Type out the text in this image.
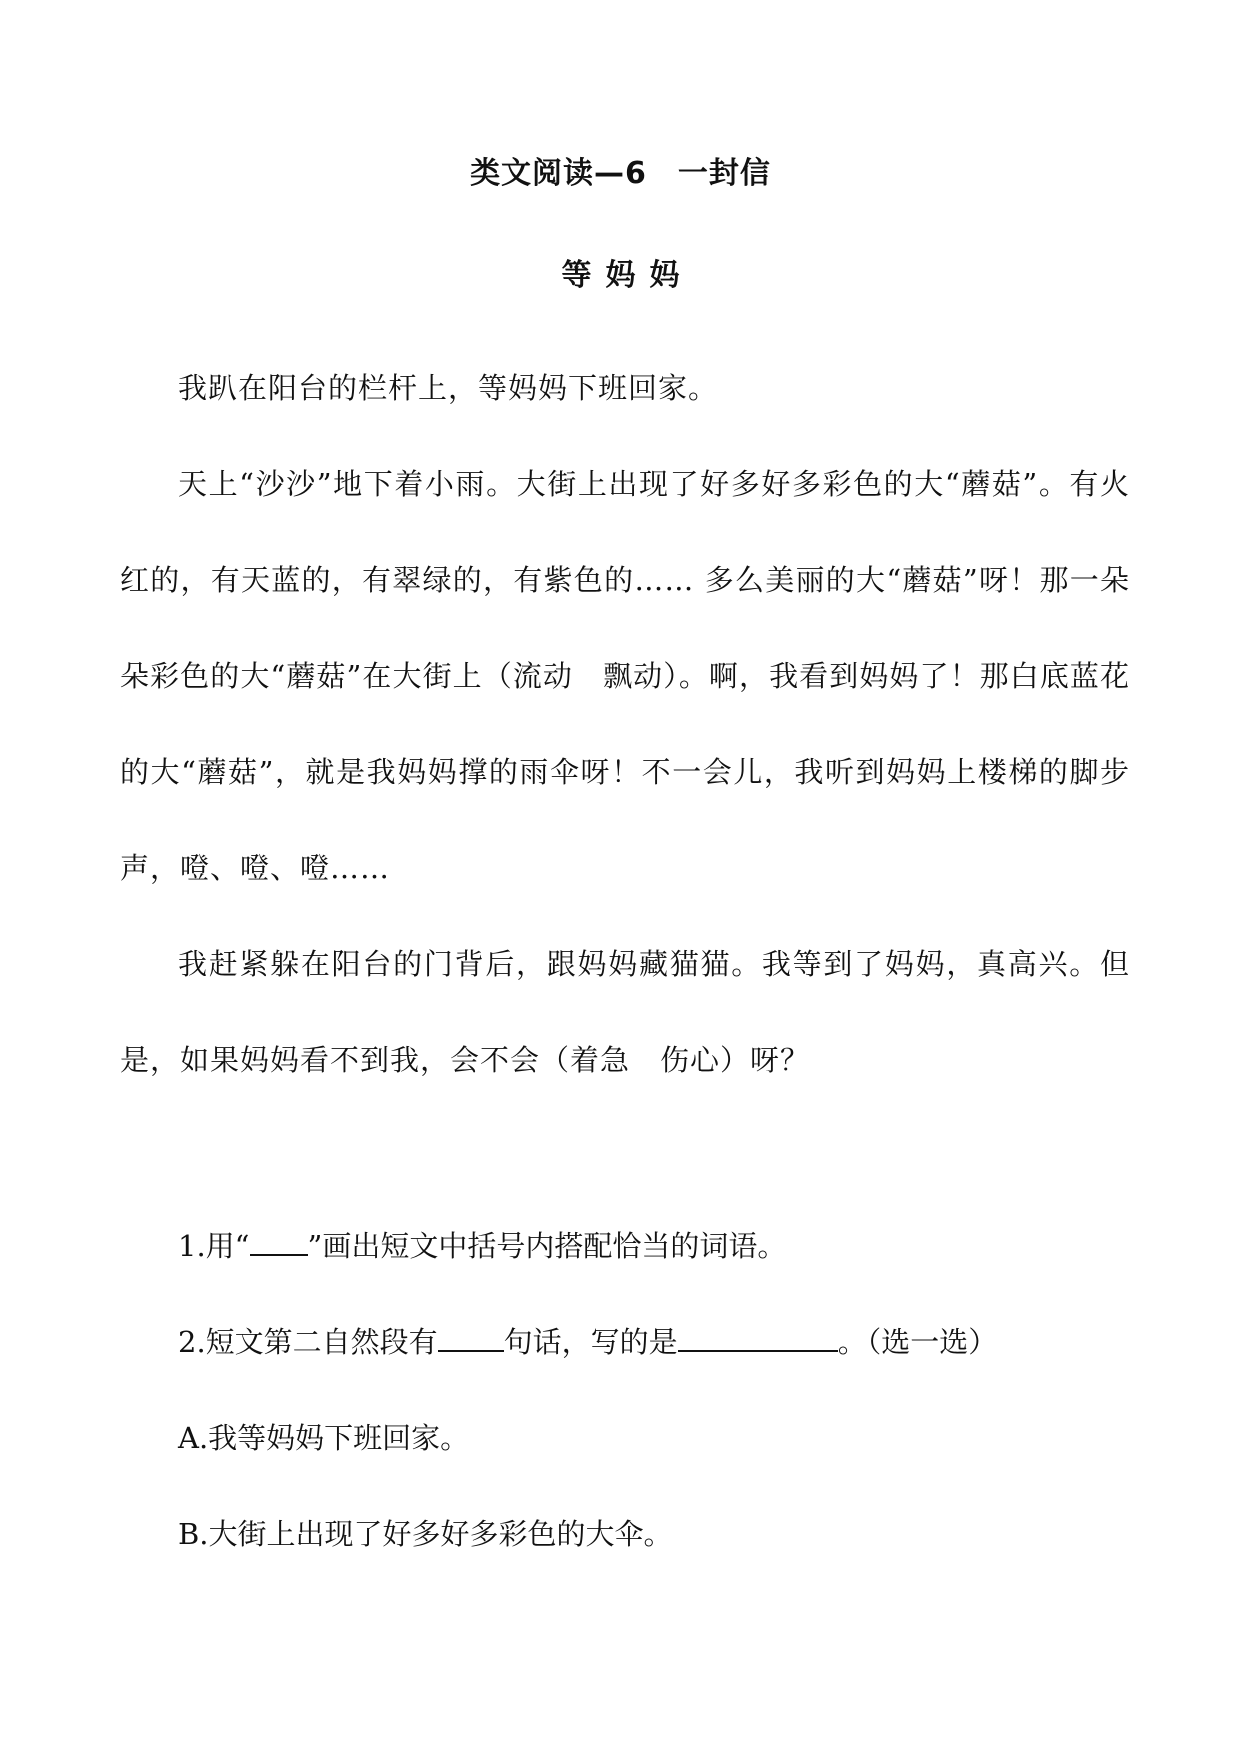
类文阅读—6　一封信
等妈妈

我趴在阳台的栏杆上，等妈妈下班回家。

天上“沙沙”地下着小雨。大街上出现了好多好多彩色的大“蘑菇”。有火红的，有天蓝的，有翠绿的，有紫色的…… 多么美丽的大“蘑菇”呀！那一朵朵彩色的大“蘑菇”在大街上（流动　飘动）。啊，我看到妈妈了！那白底蓝花的大“蘑菇”，就是我妈妈撑的雨伞呀！不一会儿，我听到妈妈上楼梯的脚步声，噔、噔、噔……

我赶紧躲在阳台的门背后，跟妈妈藏猫猫。我等到了妈妈，真高兴。但是，如果妈妈看不到我，会不会（着急　伤心）呀？

1.用“ ”画出短文中括号内搭配恰当的词语。
2.短文第二自然段有 句话，写的是	。（选一选）
A.我等妈妈下班回家。
B.大街上出现了好多好多彩色的大伞。
